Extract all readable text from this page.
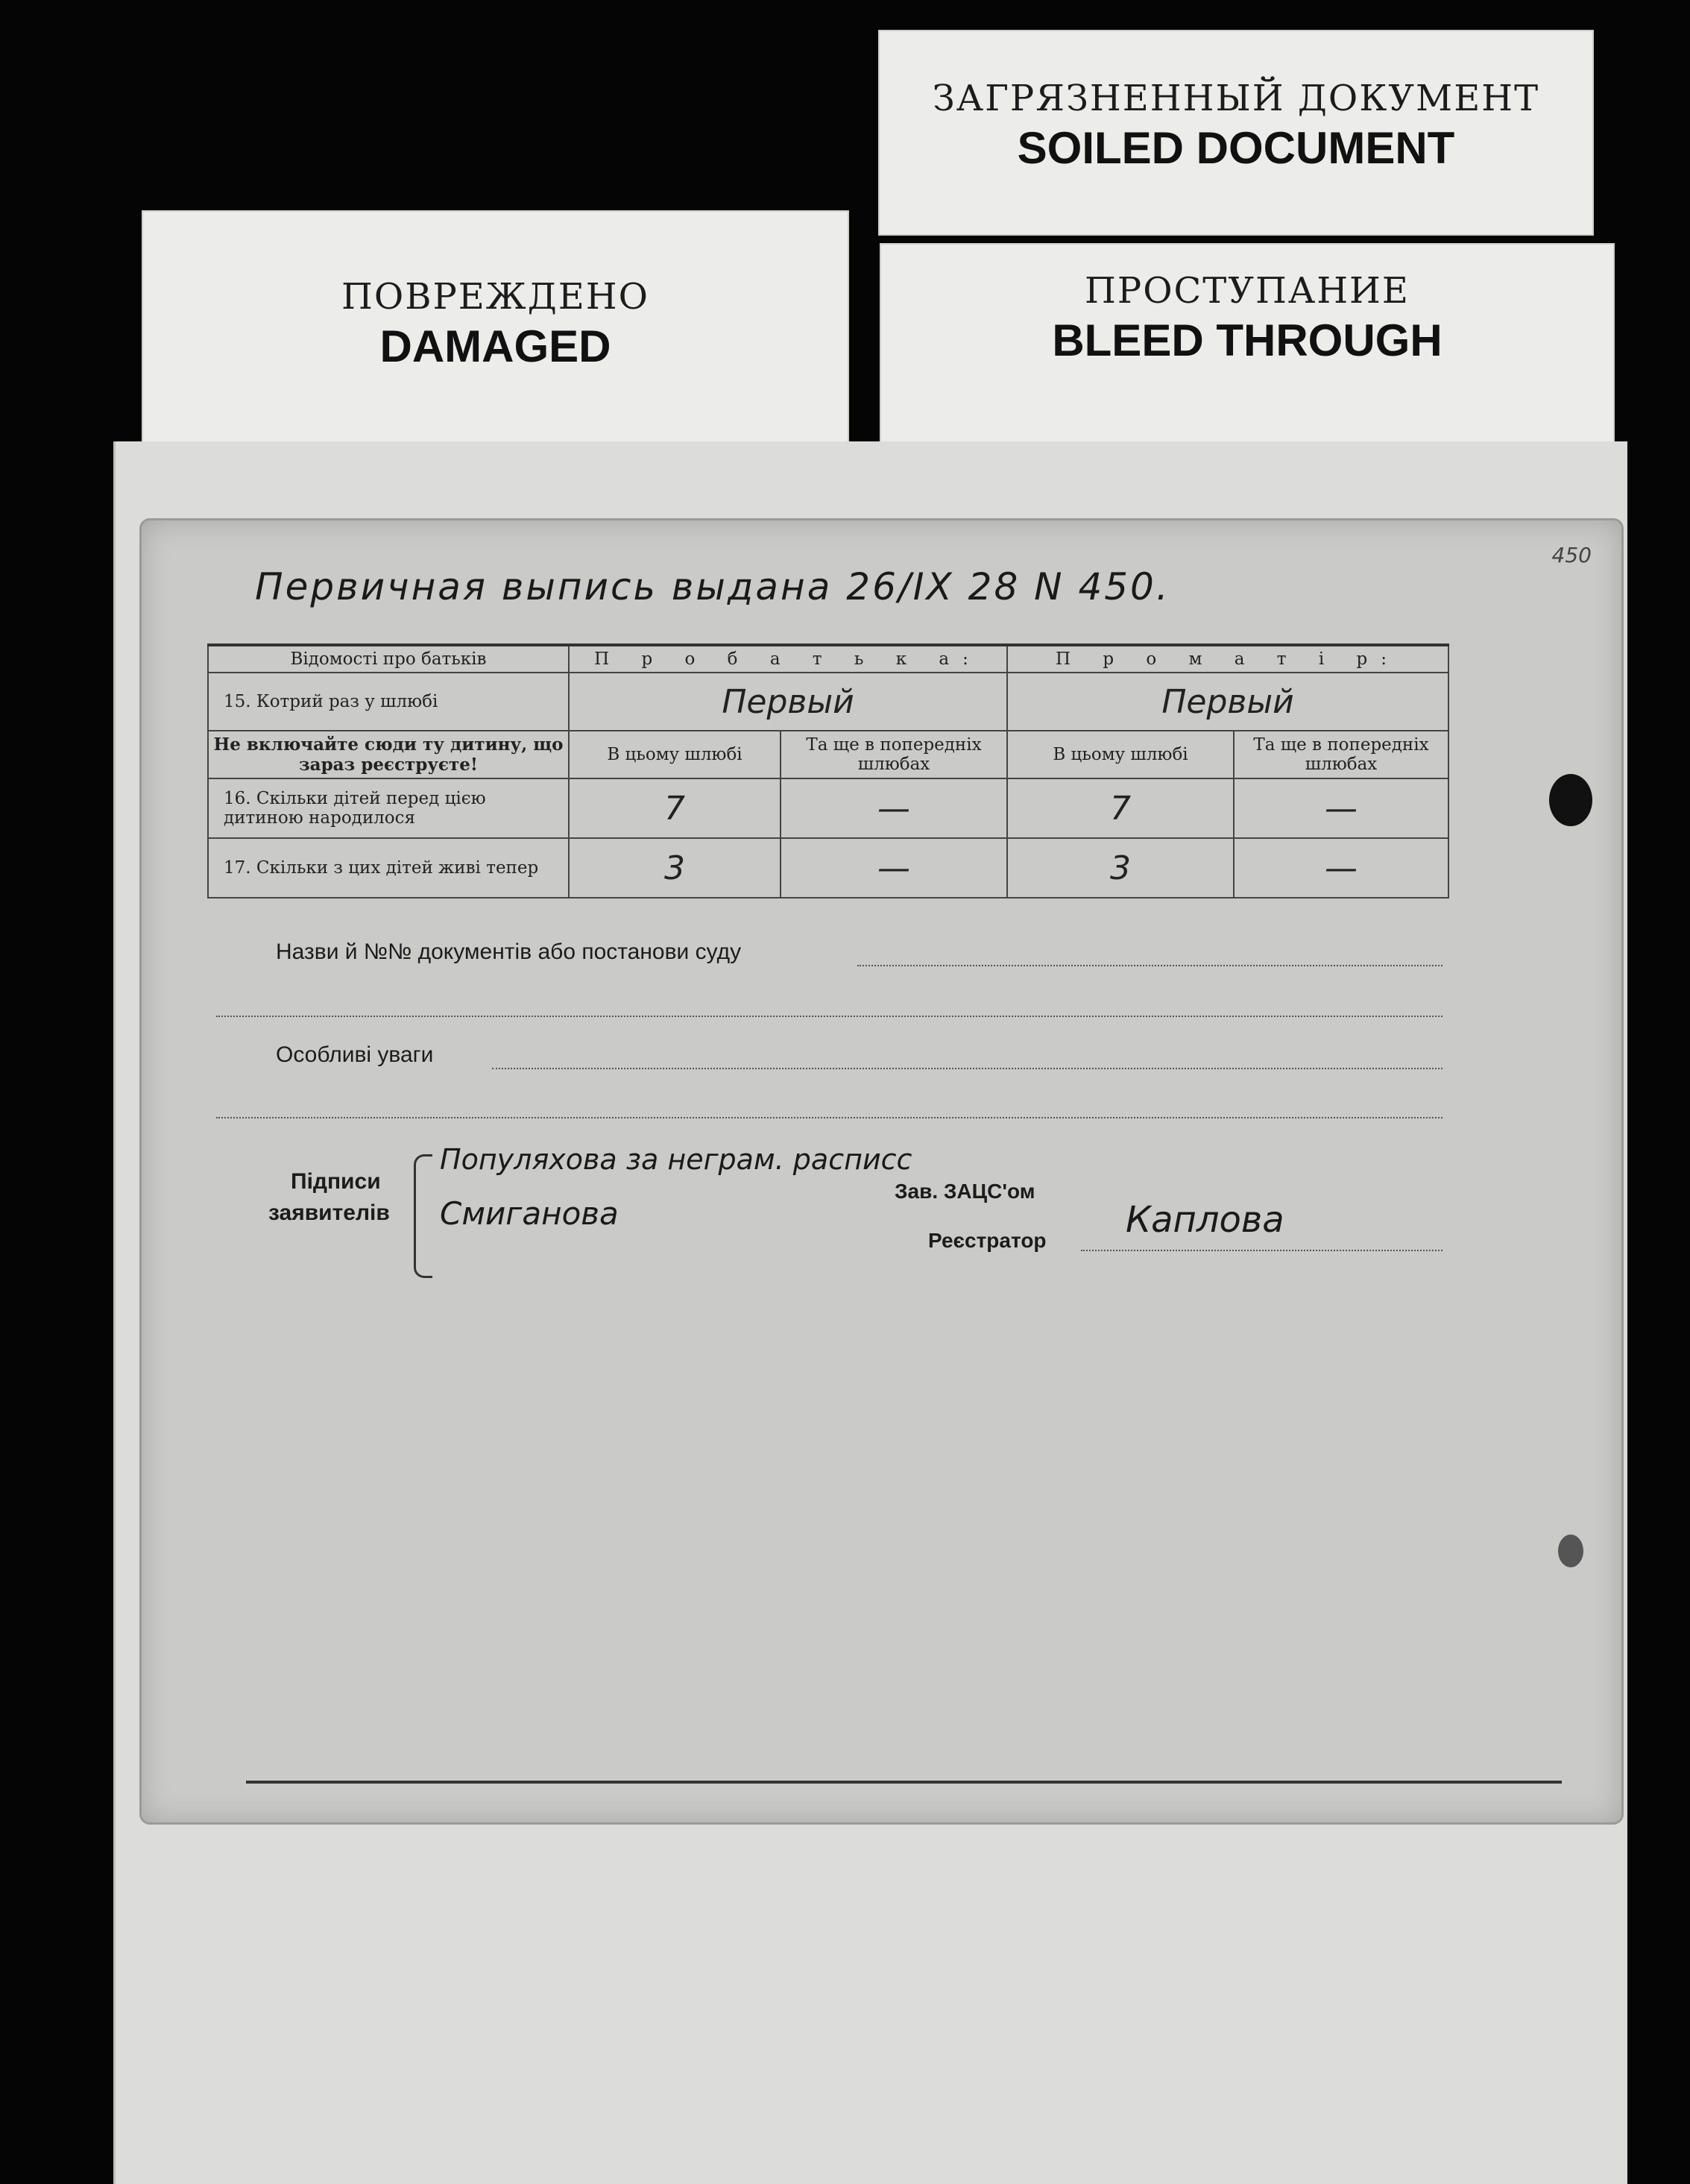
ЗАГРЯЗНЕННЫЙ ДОКУМЕНТ
SOILED DOCUMENT
ПОВРЕЖДЕНО
DAMAGED
ПРОСТУПАНИЕ
BLEED THROUGH
Первичная выпись выдана 26/IX 28 N 450.
450
Відомості про батьків	П р о б а т ь к а:		П р о м а т і р:	
15. Котрий раз у шлюбі	Первый		Первый	
Не включайте сюди ту дитину, що зараз реєструєте!	В цьому шлюбі	Та ще в попередніх шлюбах	В цьому шлюбі	Та ще в попередніх шлюбах
16. Скільки дітей перед цією дитиною народилося	7	—	7	—
17. Скільки з цих дітей живі тепер	3	—	3	—
Назви й №№ документів або постанови суду
Особливі уваги
Підписи
заявителів
Популяхова за неграм. расписс
Смиганова
Зав. ЗАЦС'ом
Реєстратор Каплова
